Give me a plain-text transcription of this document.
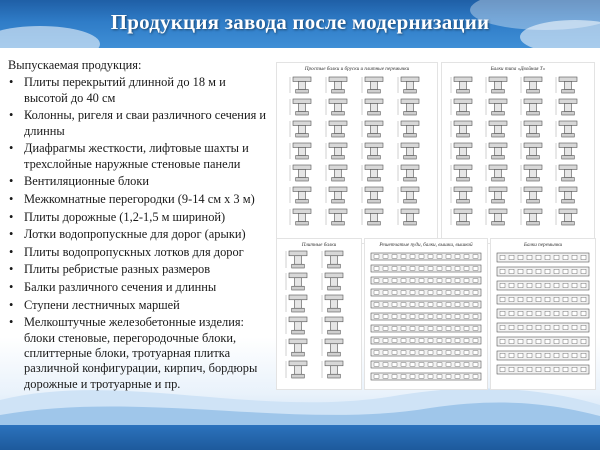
Продукция завода после модернизации

Выпускаемая продукция:

• Плиты перекрытий длинной до 18 м и высотой до 40 см
• Колонны, ригеля и сваи различного сечения и длинны
• Диафрагмы жесткости, лифтовые шахты и трехслойные наружные стеновые панели
• Вентиляционные блоки
• Межкомнатные перегородки (9-14 см х 3 м)
• Плиты дорожные (1,2-1,5 м шириной)
• Лотки водопропускные для дорог (арыки)
• Плиты водопропускных лотков для дорог
• Плиты ребристые разных размеров
• Балки различного сечения и длинны
• Ступени лестничных маршей
• Мелкоштучные железобетонные изделия: блоки стеновые, перегородочные блоки, сплиттерные блоки, тротуарная плитка различной конфигурации, кирпич, бордюры дорожные и тротуарные и пр.
Простые балки и бруски и плитные перемычки	Балки типа «Двойная Т»
Плитные балки	Решетчатые пуди, балки, вышки, вышкой	Балки перемычки
